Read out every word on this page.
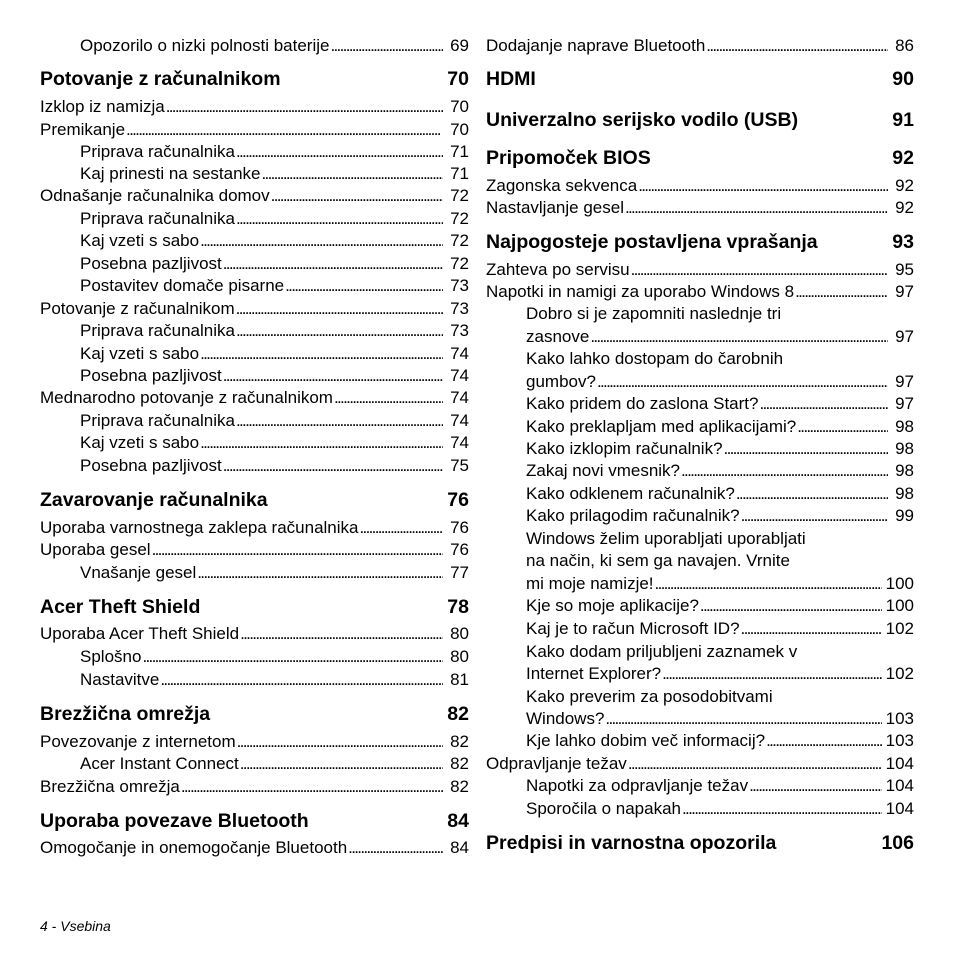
Opozorilo o nizki polnosti baterije . . .	69
Potovanje z računalnikom	70
Izklop iz namizja . . .	70
Premikanje . . .	70
Priprava računalnika . . .	71
Kaj prinesti na sestanke . . .	71
Odnašanje računalnika domov . . .	72
Priprava računalnika . . .	72
Kaj vzeti s sabo . . .	72
Posebna pazljivost . . .	72
Postavitev domače pisarne . . .	73
Potovanje z računalnikom . . .	73
Priprava računalnika . . .	73
Kaj vzeti s sabo . . .	74
Posebna pazljivost . . .	74
Mednarodno potovanje z računalnikom . . .	74
Priprava računalnika . . .	74
Kaj vzeti s sabo . . .	74
Posebna pazljivost . . .	75
Zavarovanje računalnika	76
Uporaba varnostnega zaklepa računalnika . . .	76
Uporaba gesel . . .	76
Vnašanje gesel . . .	77
Acer Theft Shield	78
Uporaba Acer Theft Shield . . .	80
Splošno . . .	80
Nastavitve . . .	81
Brezžična omrežja	82
Povezovanje z internetom . . .	82
Acer Instant Connect . . .	82
Brezžična omrežja . . .	82
Uporaba povezave Bluetooth	84
Omogočanje in onemogočanje Bluetooth . . .	84
Dodajanje naprave Bluetooth . . .	86
HDMI	90
Univerzalno serijsko vodilo (USB)	91
Pripomoček BIOS	92
Zagonska sekvenca . . .	92
Nastavljanje gesel . . .	92
Najpogosteje postavljena vprašanja	93
Zahteva po servisu . . .	95
Napotki in namigi za uporabo Windows 8 . . .	97
Dobro si je zapomniti naslednje tri
zasnove . . .	97
Kako lahko dostopam do čarobnih
gumbov? . . .	97
Kako pridem do zaslona Start? . . .	97
Kako preklapljam med aplikacijami? . . .	98
Kako izklopim računalnik? . . .	98
Zakaj novi vmesnik? . . .	98
Kako odklenem računalnik? . . .	98
Kako prilagodim računalnik? . . .	99
Windows želim uporabljati uporabljati
na način, ki sem ga navajen. Vrnite
mi moje namizje! . . .	100
Kje so moje aplikacije? . . .	100
Kaj je to račun Microsoft ID? . . .	102
Kako dodam priljubljeni zaznamek v
Internet Explorer? . . .	102
Kako preverim za posodobitvami
Windows? . . .	103
Kje lahko dobim več informacij? . . .	103
Odpravljanje težav . . .	104
Napotki za odpravljanje težav . . .	104
Sporočila o napakah . . .	104
Predpisi in varnostna opozorila	106
4 - Vsebina
